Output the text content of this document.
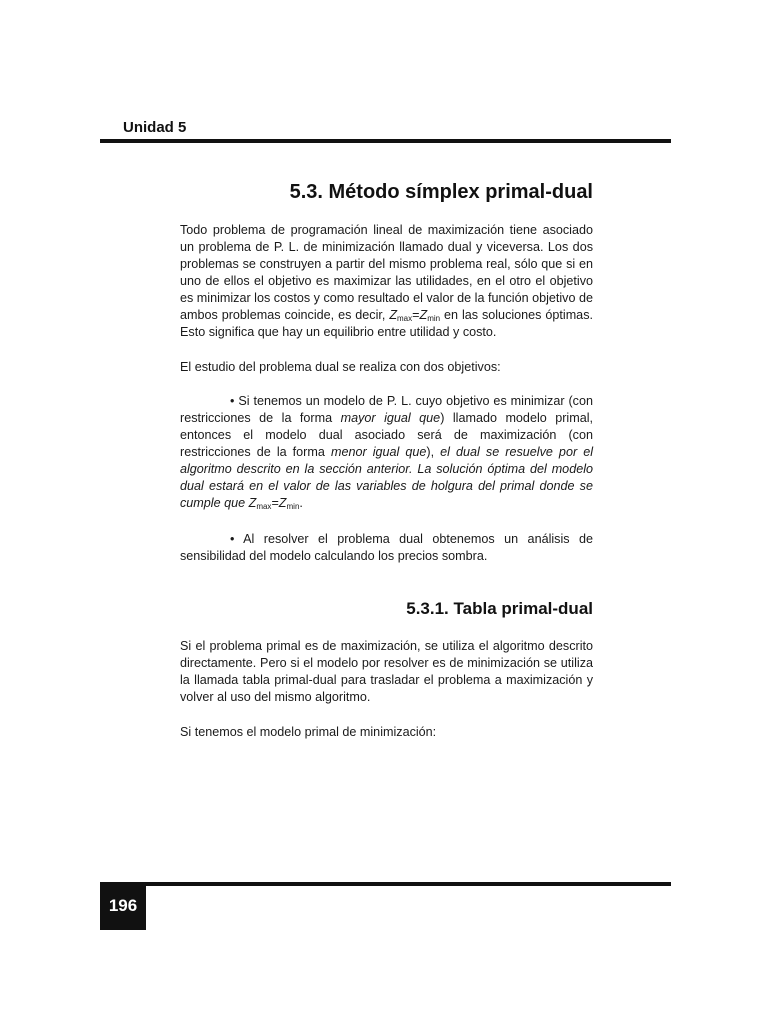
Unidad 5
5.3. Método símplex primal-dual
Todo problema de programación lineal de maximización tiene asociado un problema de P. L. de minimización llamado dual y viceversa. Los dos problemas se construyen a partir del mismo problema real, sólo que si en uno de ellos el objetivo es maximizar las utilidades, en el otro el objetivo es minimizar los costos y como resultado el valor de la función objetivo de ambos problemas coincide, es decir, $Z_{max}=Z_{min}$ en las soluciones óptimas. Esto significa que hay un equilibrio entre utilidad y costo.
El estudio del problema dual se realiza con dos objetivos:
• Si tenemos un modelo de P. L. cuyo objetivo es minimizar (con restricciones de la forma mayor igual que) llamado modelo primal, entonces el modelo dual asociado será de maximización (con restricciones de la forma menor igual que), el dual se resuelve por el algoritmo descrito en la sección anterior. La solución óptima del modelo dual estará en el valor de las variables de holgura del primal donde se cumple que $Z_{max}=Z_{min}$.
• Al resolver el problema dual obtenemos un análisis de sensibilidad del modelo calculando los precios sombra.
5.3.1. Tabla primal-dual
Si el problema primal es de maximización, se utiliza el algoritmo descrito directamente. Pero si el modelo por resolver es de minimización se utiliza la llamada tabla primal-dual para trasladar el problema a maximización y volver al uso del mismo algoritmo.
Si tenemos el modelo primal de minimización:
196
